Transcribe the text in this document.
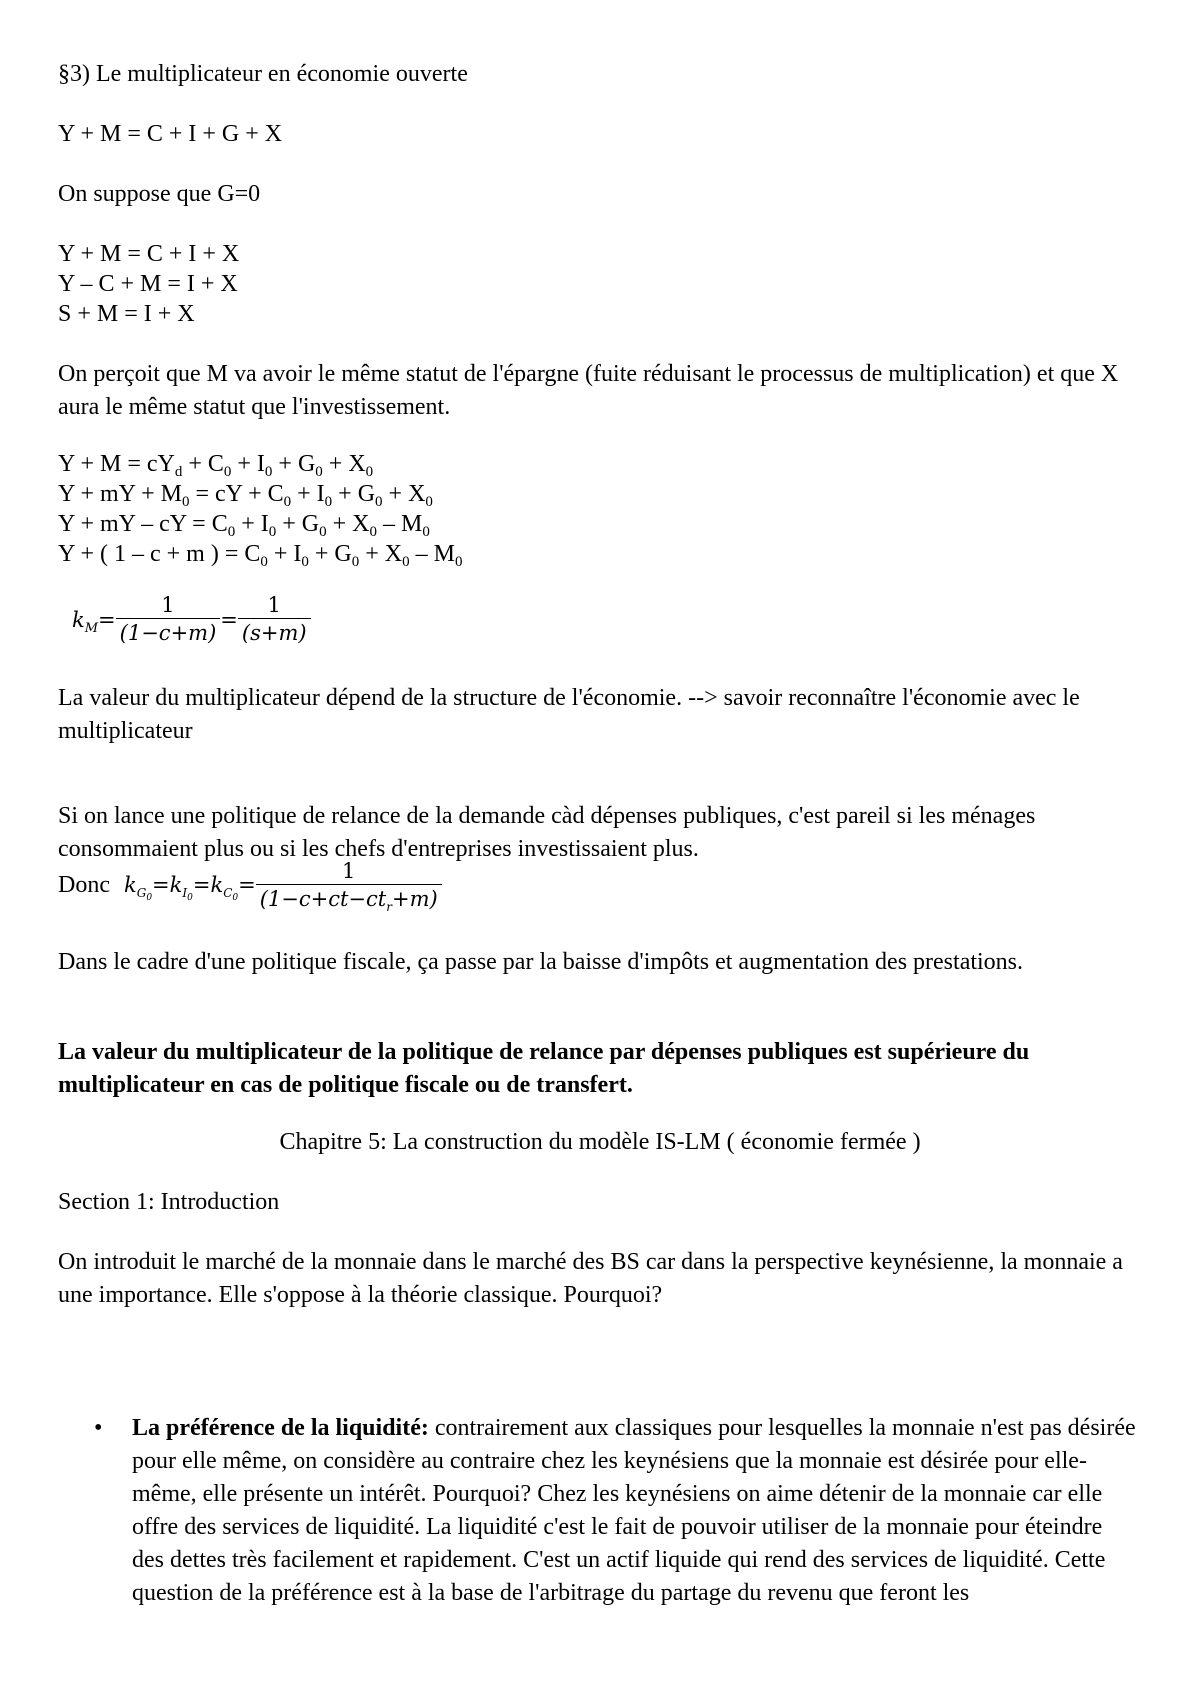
§3) Le multiplicateur en économie ouverte
Y + M = C + I + G + X
On suppose que G=0
Y + M = C + I + X
Y – C + M = I + X
S + M = I + X
On perçoit que M va avoir le même statut de l'épargne (fuite réduisant le processus de multiplication) et que X aura le même statut que l'investissement.
$Y + M = cY_d + C_0 + I_0 + G_0 + X_0$
Y + mY + $M_0$ = cY + $C_0 + I_0 + G_0 + X_0$
Y + mY – cY = $C_0 + I_0 + G_0 + X_0 - M_0$
Y + ( 1 – c + m ) = $C_0 + I_0 + G_0 + X_0 - M_0$
$k_M = \frac{1}{(1-c+m)} = \frac{1}{(s+m)}$
La valeur du multiplicateur dépend de la structure de l'économie. --> savoir reconnaître l'économie avec le multiplicateur
Si on lance une politique de relance de la demande càd dépenses publiques, c'est pareil si les ménages consommaient plus ou si les chefs d'entreprises investissaient plus.
Donc $k_{G_0}=k_{I_0}=k_{C_0}= \frac{1}{(1-c+ct-ct_r+m)}$
Dans le cadre d'une politique fiscale, ça passe par la baisse d'impôts et augmentation des prestations.
La valeur du multiplicateur de la politique de relance par dépenses publiques est supérieure du multiplicateur en cas de politique fiscale ou de transfert.
Chapitre 5: La construction du modèle IS-LM ( économie fermée )
Section 1: Introduction
On introduit le marché de la monnaie dans le marché des BS car dans la perspective keynésienne, la monnaie a une importance. Elle s'oppose à la théorie classique. Pourquoi?
• La préférence de la liquidité: contrairement aux classiques pour lesquelles la monnaie n'est pas désirée pour elle même, on considère au contraire chez les keynésiens que la monnaie est désirée pour elle-même, elle présente un intérêt. Pourquoi? Chez les keynésiens on aime détenir de la monnaie car elle offre des services de liquidité. La liquidité c'est le fait de pouvoir utiliser de la monnaie pour éteindre des dettes très facilement et rapidement. C'est un actif liquide qui rend des services de liquidité. Cette question de la préférence est à la base de l'arbitrage du partage du revenu que feront les
